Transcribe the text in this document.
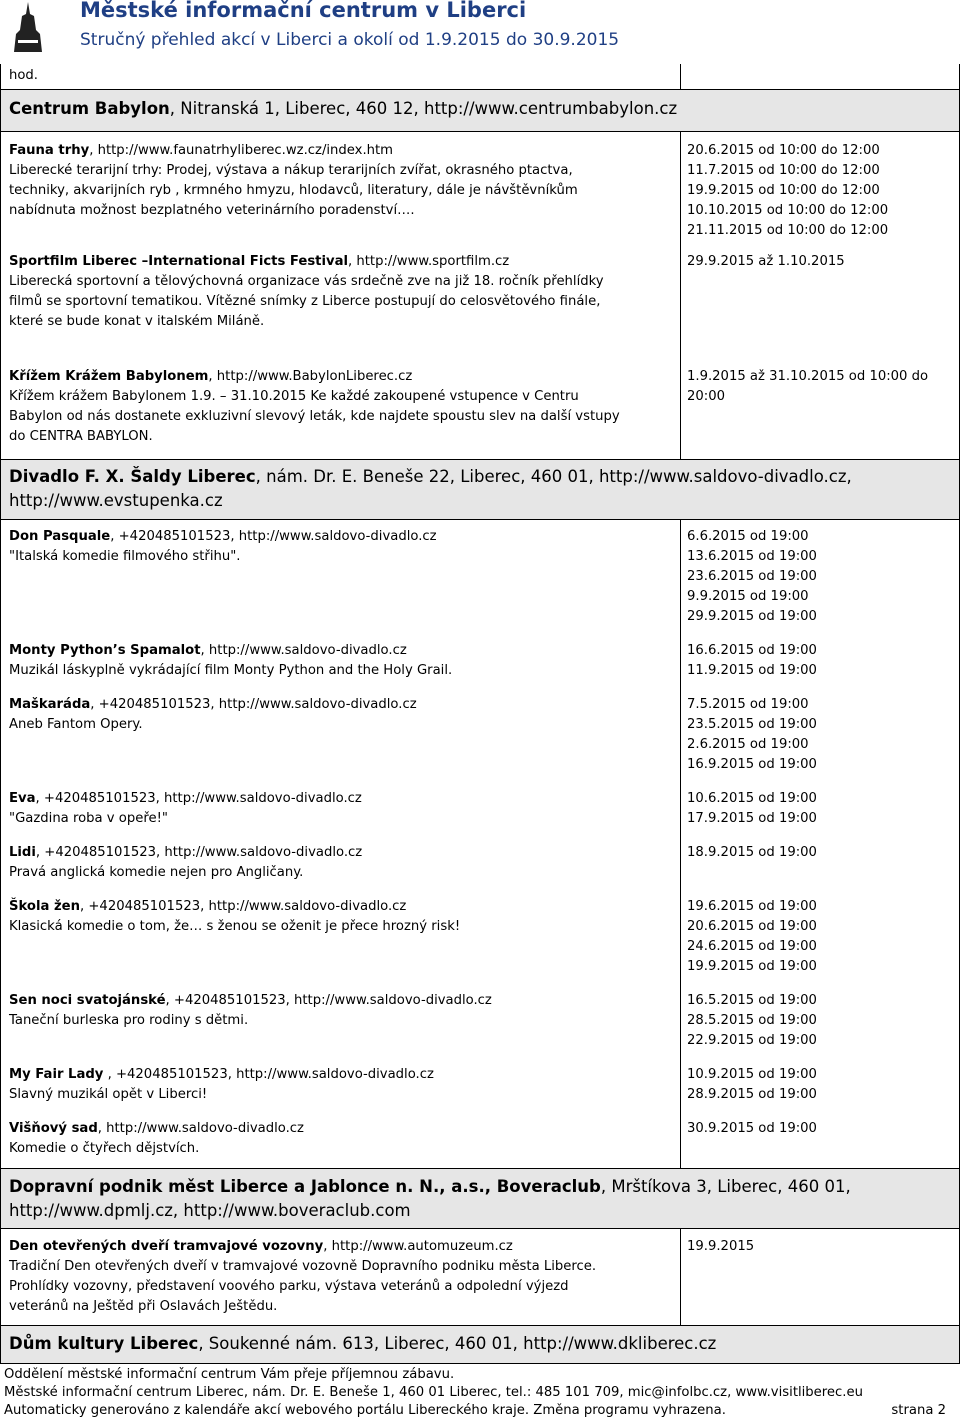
Městské informační centrum v Liberci
Stručný přehled akcí v Liberci a okolí od 1.9.2015 do 30.9.2015
hod.
Centrum Babylon, Nitranská 1, Liberec, 460 12, http://www.centrumbabylon.cz
Fauna trhy, http://www.faunatrhyliberec.wz.cz/index.htm
Liberecké terarijní trhy: Prodej, výstava a nákup terarijních zvířat, okrasného ptactva,
techniky, akvarijních ryb , krmného hmyzu, hlodavců, literatury, dále je návštěvníkům
nabídnuta možnost bezplatného veterinárního poradenství….
20.6.2015 od 10:00 do 12:00
11.7.2015 od 10:00 do 12:00
19.9.2015 od 10:00 do 12:00
10.10.2015 od 10:00 do 12:00
21.11.2015 od 10:00 do 12:00
Sportfilm Liberec –International Ficts Festival, http://www.sportfilm.cz
Liberecká sportovní a tělovýchovná organizace vás srdečně zve na již 18. ročník přehlídky
filmů se sportovní tematikou. Vítězné snímky z Liberce postupují do celosvětového finále,
které se bude konat v italském Miláně.
29.9.2015 až 1.10.2015
Křížem Krážem Babylonem, http://www.BabylonLiberec.cz
Křížem krážem Babylonem 1.9. – 31.10.2015 Ke každé zakoupené vstupence v Centru
Babylon od nás dostanete exkluzivní slevový leták, kde najdete spoustu slev na další vstupy
do CENTRA BABYLON.
1.9.2015 až 31.10.2015 od 10:00 do
20:00
Divadlo F. X. Šaldy Liberec, nám. Dr. E. Beneše 22, Liberec, 460 01, http://www.saldovo-divadlo.cz,
http://www.evstupenka.cz
Don Pasquale, +420485101523, http://www.saldovo-divadlo.cz
"Italská komedie filmového střihu".
6.6.2015 od 19:00
13.6.2015 od 19:00
23.6.2015 od 19:00
9.9.2015 od 19:00
29.9.2015 od 19:00
Monty Python’s Spamalot, http://www.saldovo-divadlo.cz
Muzikál láskyplně vykrádající film Monty Python and the Holy Grail.
16.6.2015 od 19:00
11.9.2015 od 19:00
Maškaráda, +420485101523, http://www.saldovo-divadlo.cz
Aneb Fantom Opery.
7.5.2015 od 19:00
23.5.2015 od 19:00
2.6.2015 od 19:00
16.9.2015 od 19:00
Eva, +420485101523, http://www.saldovo-divadlo.cz
"Gazdina roba v opeře!"
10.6.2015 od 19:00
17.9.2015 od 19:00
Lidi, +420485101523, http://www.saldovo-divadlo.cz
Pravá anglická komedie nejen pro Angličany.
18.9.2015 od 19:00
Škola žen, +420485101523, http://www.saldovo-divadlo.cz
Klasická komedie o tom, že… s ženou se oženit je přece hrozný risk!
19.6.2015 od 19:00
20.6.2015 od 19:00
24.6.2015 od 19:00
19.9.2015 od 19:00
Sen noci svatojánské, +420485101523, http://www.saldovo-divadlo.cz
Taneční burleska pro rodiny s dětmi.
16.5.2015 od 19:00
28.5.2015 od 19:00
22.9.2015 od 19:00
My Fair Lady , +420485101523, http://www.saldovo-divadlo.cz
Slavný muzikál opět v Liberci!
10.9.2015 od 19:00
28.9.2015 od 19:00
Višňový sad, http://www.saldovo-divadlo.cz
Komedie o čtyřech dějstvích.
30.9.2015 od 19:00
Dopravní podnik měst Liberce a Jablonce n. N., a.s., Boveraclub, Mrštíkova 3, Liberec, 460 01,
http://www.dpmlj.cz, http://www.boveraclub.com
Den otevřených dveří tramvajové vozovny, http://www.automuzeum.cz
Tradiční Den otevřených dveří v tramvajové vozovně Dopravního podniku města Liberce.
Prohlídky vozovny, představení voového parku, výstava veteránů a odpolední výjezd
veteránů na Ještěd při Oslavách Ještědu.
19.9.2015
Dům kultury Liberec, Soukenné nám. 613, Liberec, 460 01, http://www.dkliberec.cz
Oddělení městské informační centrum Vám přeje příjemnou zábavu.
Městské informační centrum Liberec, nám. Dr. E. Beneše 1, 460 01 Liberec, tel.: 485 101 709, mic@infolbc.cz, www.visitliberec.eu
Automaticky generováno z kalendáře akcí webového portálu Libereckého kraje. Změna programu vyhrazena.	strana 2
